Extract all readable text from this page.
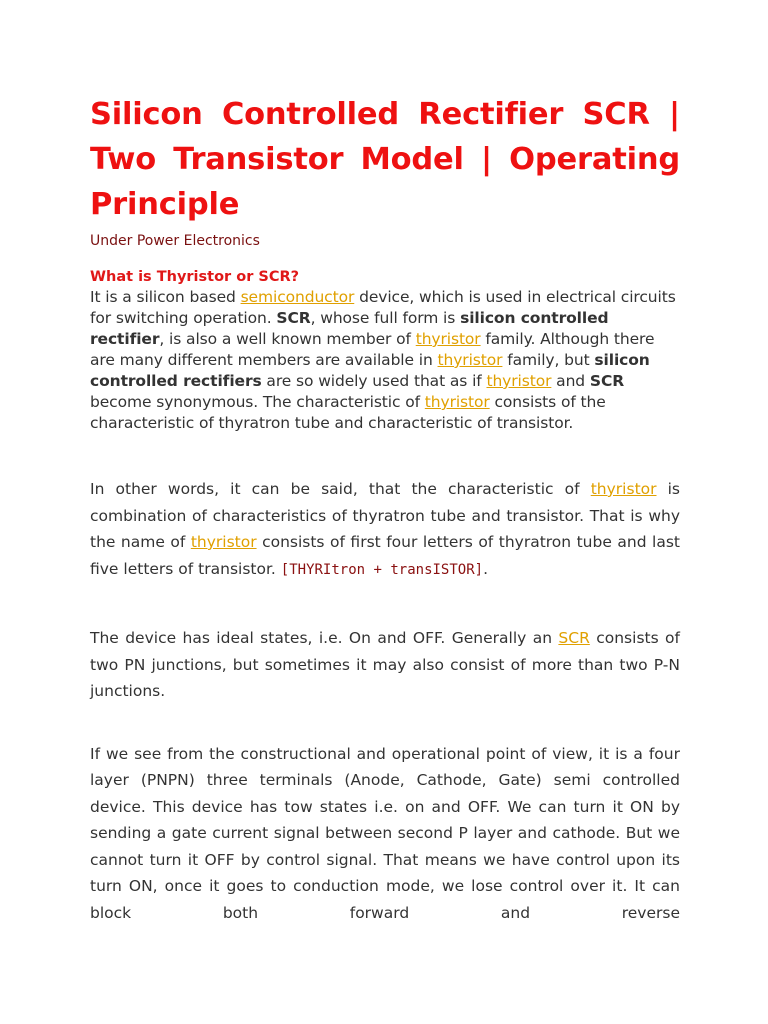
Silicon Controlled Rectifier SCR | Two Transistor Model | Operating Principle
Under Power Electronics
What is Thyristor or SCR?

It is a silicon based semiconductor device, which is used in electrical circuits for switching operation. SCR, whose full form is silicon controlled rectifier, is also a well known member of thyristor family. Although there are many different members are available in thyristor family, but silicon controlled rectifiers are so widely used that as if thyristor and SCR become synonymous. The characteristic of thyristor consists of the characteristic of thyratron tube and characteristic of transistor.

In other words, it can be said, that the characteristic of thyristor is combination of characteristics of thyratron tube and transistor. That is why the name of thyristor consists of first four letters of thyratron tube and last five letters of transistor. [THYRItron + transISTOR].

The device has ideal states, i.e. On and OFF. Generally an SCR consists of two PN junctions, but sometimes it may also consist of more than two P-N junctions.

If we see from the constructional and operational point of view, it is a four layer (PNPN) three terminals (Anode, Cathode, Gate) semi controlled device. This device has tow states i.e. on and OFF. We can turn it ON by sending a gate current signal between second P layer and cathode. But we cannot turn it OFF by control signal. That means we have control upon its turn ON, once it goes to conduction mode, we lose control over it. It can block both forward and reverse
